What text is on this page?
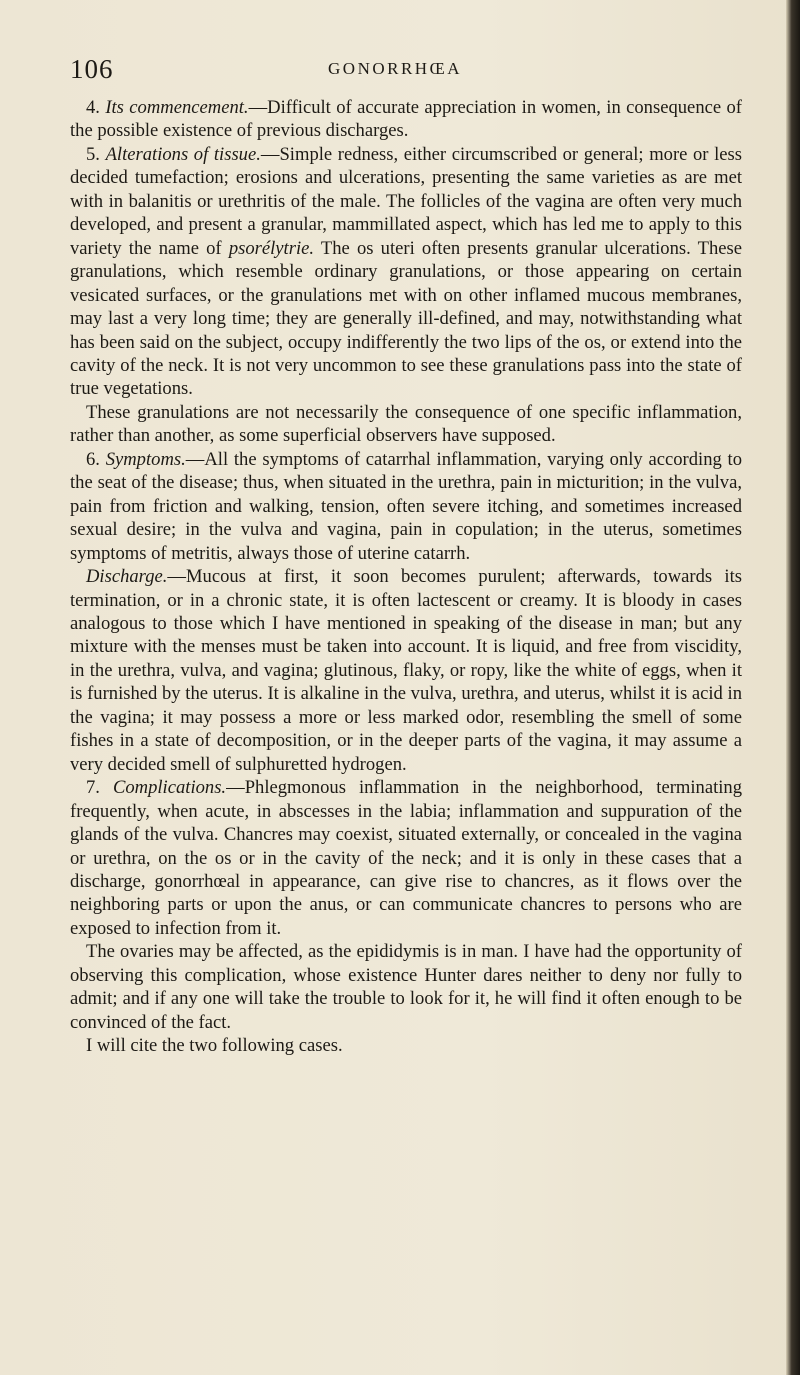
106	GONORRHŒA

4. Its commencement.—Difficult of accurate appreciation in women, in consequence of the possible existence of previous discharges.

5. Alterations of tissue.—Simple redness, either circumscribed or general; more or less decided tumefaction; erosions and ulcerations, presenting the same varieties as are met with in balanitis or urethritis of the male. The follicles of the vagina are often very much developed, and present a granular, mammillated aspect, which has led me to apply to this variety the name of psorélytrie. The os uteri often presents granular ulcerations. These granulations, which resemble ordinary granulations, or those appearing on certain vesicated surfaces, or the granulations met with on other inflamed mucous membranes, may last a very long time; they are generally ill-defined, and may, notwithstanding what has been said on the subject, occupy indifferently the two lips of the os, or extend into the cavity of the neck. It is not very uncommon to see these granulations pass into the state of true vegetations.

These granulations are not necessarily the consequence of one specific inflammation, rather than another, as some superficial observers have supposed.

6. Symptoms.—All the symptoms of catarrhal inflammation, varying only according to the seat of the disease; thus, when situated in the urethra, pain in micturition; in the vulva, pain from friction and walking, tension, often severe itching, and sometimes increased sexual desire; in the vulva and vagina, pain in copulation; in the uterus, sometimes symptoms of metritis, always those of uterine catarrh.

Discharge.—Mucous at first, it soon becomes purulent; afterwards, towards its termination, or in a chronic state, it is often lactescent or creamy. It is bloody in cases analogous to those which I have mentioned in speaking of the disease in man; but any mixture with the menses must be taken into account. It is liquid, and free from viscidity, in the urethra, vulva, and vagina; glutinous, flaky, or ropy, like the white of eggs, when it is furnished by the uterus. It is alkaline in the vulva, urethra, and uterus, whilst it is acid in the vagina; it may possess a more or less marked odor, resembling the smell of some fishes in a state of decomposition, or in the deeper parts of the vagina, it may assume a very decided smell of sulphuretted hydrogen.

7. Complications.—Phlegmonous inflammation in the neighborhood, terminating frequently, when acute, in abscesses in the labia; inflammation and suppuration of the glands of the vulva. Chancres may coexist, situated externally, or concealed in the vagina or urethra, on the os or in the cavity of the neck; and it is only in these cases that a discharge, gonorrhœal in appearance, can give rise to chancres, as it flows over the neighboring parts or upon the anus, or can communicate chancres to persons who are exposed to infection from it.

The ovaries may be affected, as the epididymis is in man. I have had the opportunity of observing this complication, whose existence Hunter dares neither to deny nor fully to admit; and if any one will take the trouble to look for it, he will find it often enough to be convinced of the fact.

I will cite the two following cases.
